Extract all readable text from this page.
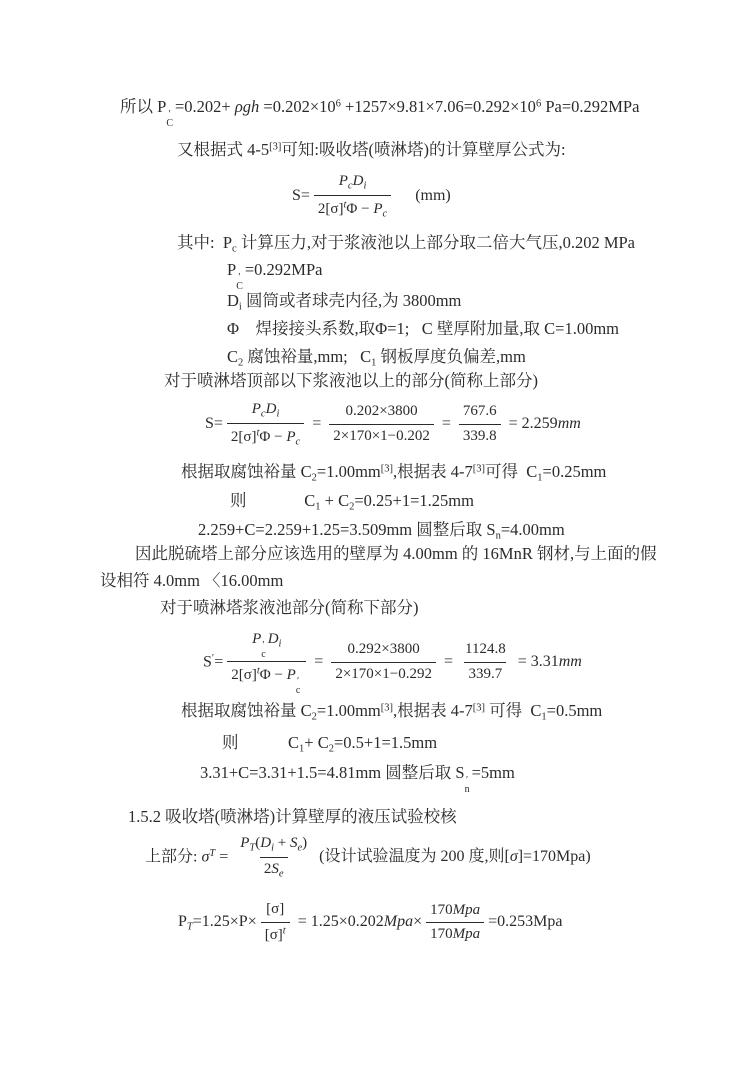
所以 P ′
C
$=0.202+ \rho gh =0.202\times 10^6 +1257\times 9.81\times 7.06=0.292\times 10^6$ Pa=0.292MPa
又根据式 4-5[3]可知:吸收塔(喷淋塔)的计算壁厚公式为:
$S= \frac{P_cD_i}{2[\sigma]^t\Phi - P_c} (mm)$
其中:  $P_c$ 计算压力,对于浆液池以上部分取二倍大气压,0.202 MPa
P ′
C
=0.292MPa
$D_i$ 圆筒或者球壳内径,为 3800mm
Φ    焊接接头系数,取Φ=1;   C 壁厚附加量,取 C=1.00mm
$C_2$ 腐蚀裕量,mm;   $C_1$ 钢板厚度负偏差,mm
对于喷淋塔顶部以下浆液池以上的部分(简称上部分)
$S= \frac{P_cD_i}{2[\sigma]^t\Phi - P_c} = \frac{0.202\times 3800}{2\times 170\times 1-0.202} = \frac{767.6}{339.8} = 2.259mm$
根据取腐蚀裕量 $C_2=1.00mm[3]$,根据表 4-7[3]可得  $C_1=0.25mm$
则              $C_1 + C_2=0.25+1=1.25mm$
2.259+C=2.259+1.25=3.509mm 圆整后取 $S_n=4.00mm$
因此脱硫塔上部分应该选用的壁厚为 4.00mm 的 16MnR 钢材,与上面的假
设相符 4.0mm 〈16.00mm
对于喷淋塔浆液池部分(简称下部分)
S′= P ′
c
$D_i$
$2[\sigma]^t\Phi - P$ ′
$c = \frac{0.292\times 3800}{2\times 170\times 1-0.292} = \frac{1124.8}{339.7} = 3.31mm$
根据取腐蚀裕量 $C_2=1.00mm[3]$,根据表 4-7[3] 可得  $C_1=0.5mm$
则            $C_1+ C_2=0.5+1=1.5mm$
3.31+C=3.31+1.5=4.81mm 圆整后取 S ′
n
=5mm
1.5.2 吸收塔(喷淋塔)计算壁厚的液压试验校核
上部分: $\sigma^T = \frac{P_T(D_i + S_e)}{2S_e}$ (设计试验温度为 200 度,则[σ]=170Mpa)
$P_T=1.25\times P\times \frac{[\sigma]}{[\sigma]^t} = 1.25\times 0.202Mpa\times \frac{\text{170Mpa}}{\text{170Mpa}} =0.253Mpa$
